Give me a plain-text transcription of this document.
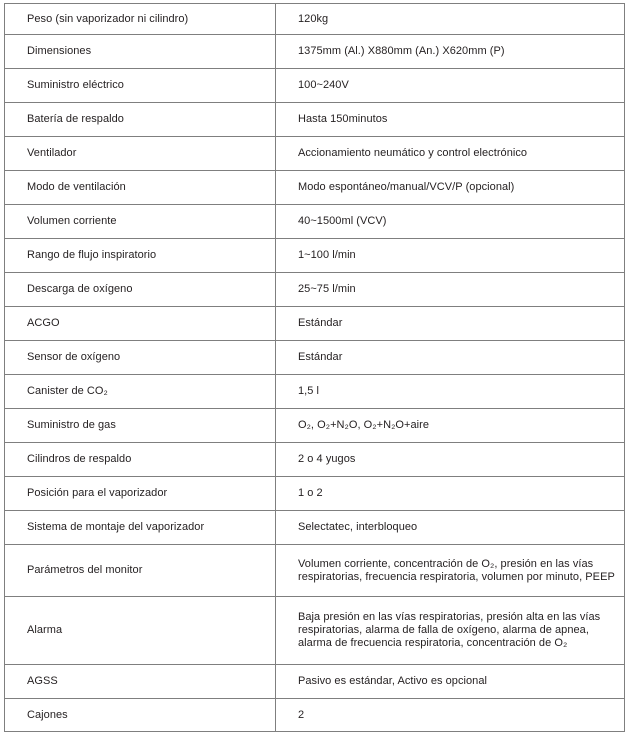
Peso (sin vaporizador ni cilindro)	120kg
Dimensiones	1375mm (Al.) X880mm (An.) X620mm (P)
Suministro eléctrico	100~240V
Batería de respaldo	Hasta 150minutos
Ventilador	Accionamiento neumático y control electrónico
Modo de ventilación	Modo espontáneo/manual/VCV/P (opcional)
Volumen corriente	40~1500ml (VCV)
Rango de flujo inspiratorio	1~100 l/min
Descarga de oxígeno	25~75 l/min
ACGO	Estándar
Sensor de oxígeno	Estándar
Canister de CO₂	1,5 l
Suministro de gas	O₂, O₂+N₂O, O₂+N₂O+aire
Cilindros de respaldo	2 o 4 yugos
Posición para el vaporizador	1 o 2
Sistema de montaje del vaporizador	Selectatec, interbloqueo
Parámetros del monitor	Volumen corriente, concentración de O₂, presión en las vías respiratorias, frecuencia respiratoria, volumen por minuto, PEEP
Alarma	Baja presión en las vías respiratorias, presión alta en las vías respiratorias, alarma de falla de oxígeno, alarma de apnea, alarma de frecuencia respiratoria, concentración de O₂
AGSS	Pasivo es estándar, Activo es opcional
Cajones	2
